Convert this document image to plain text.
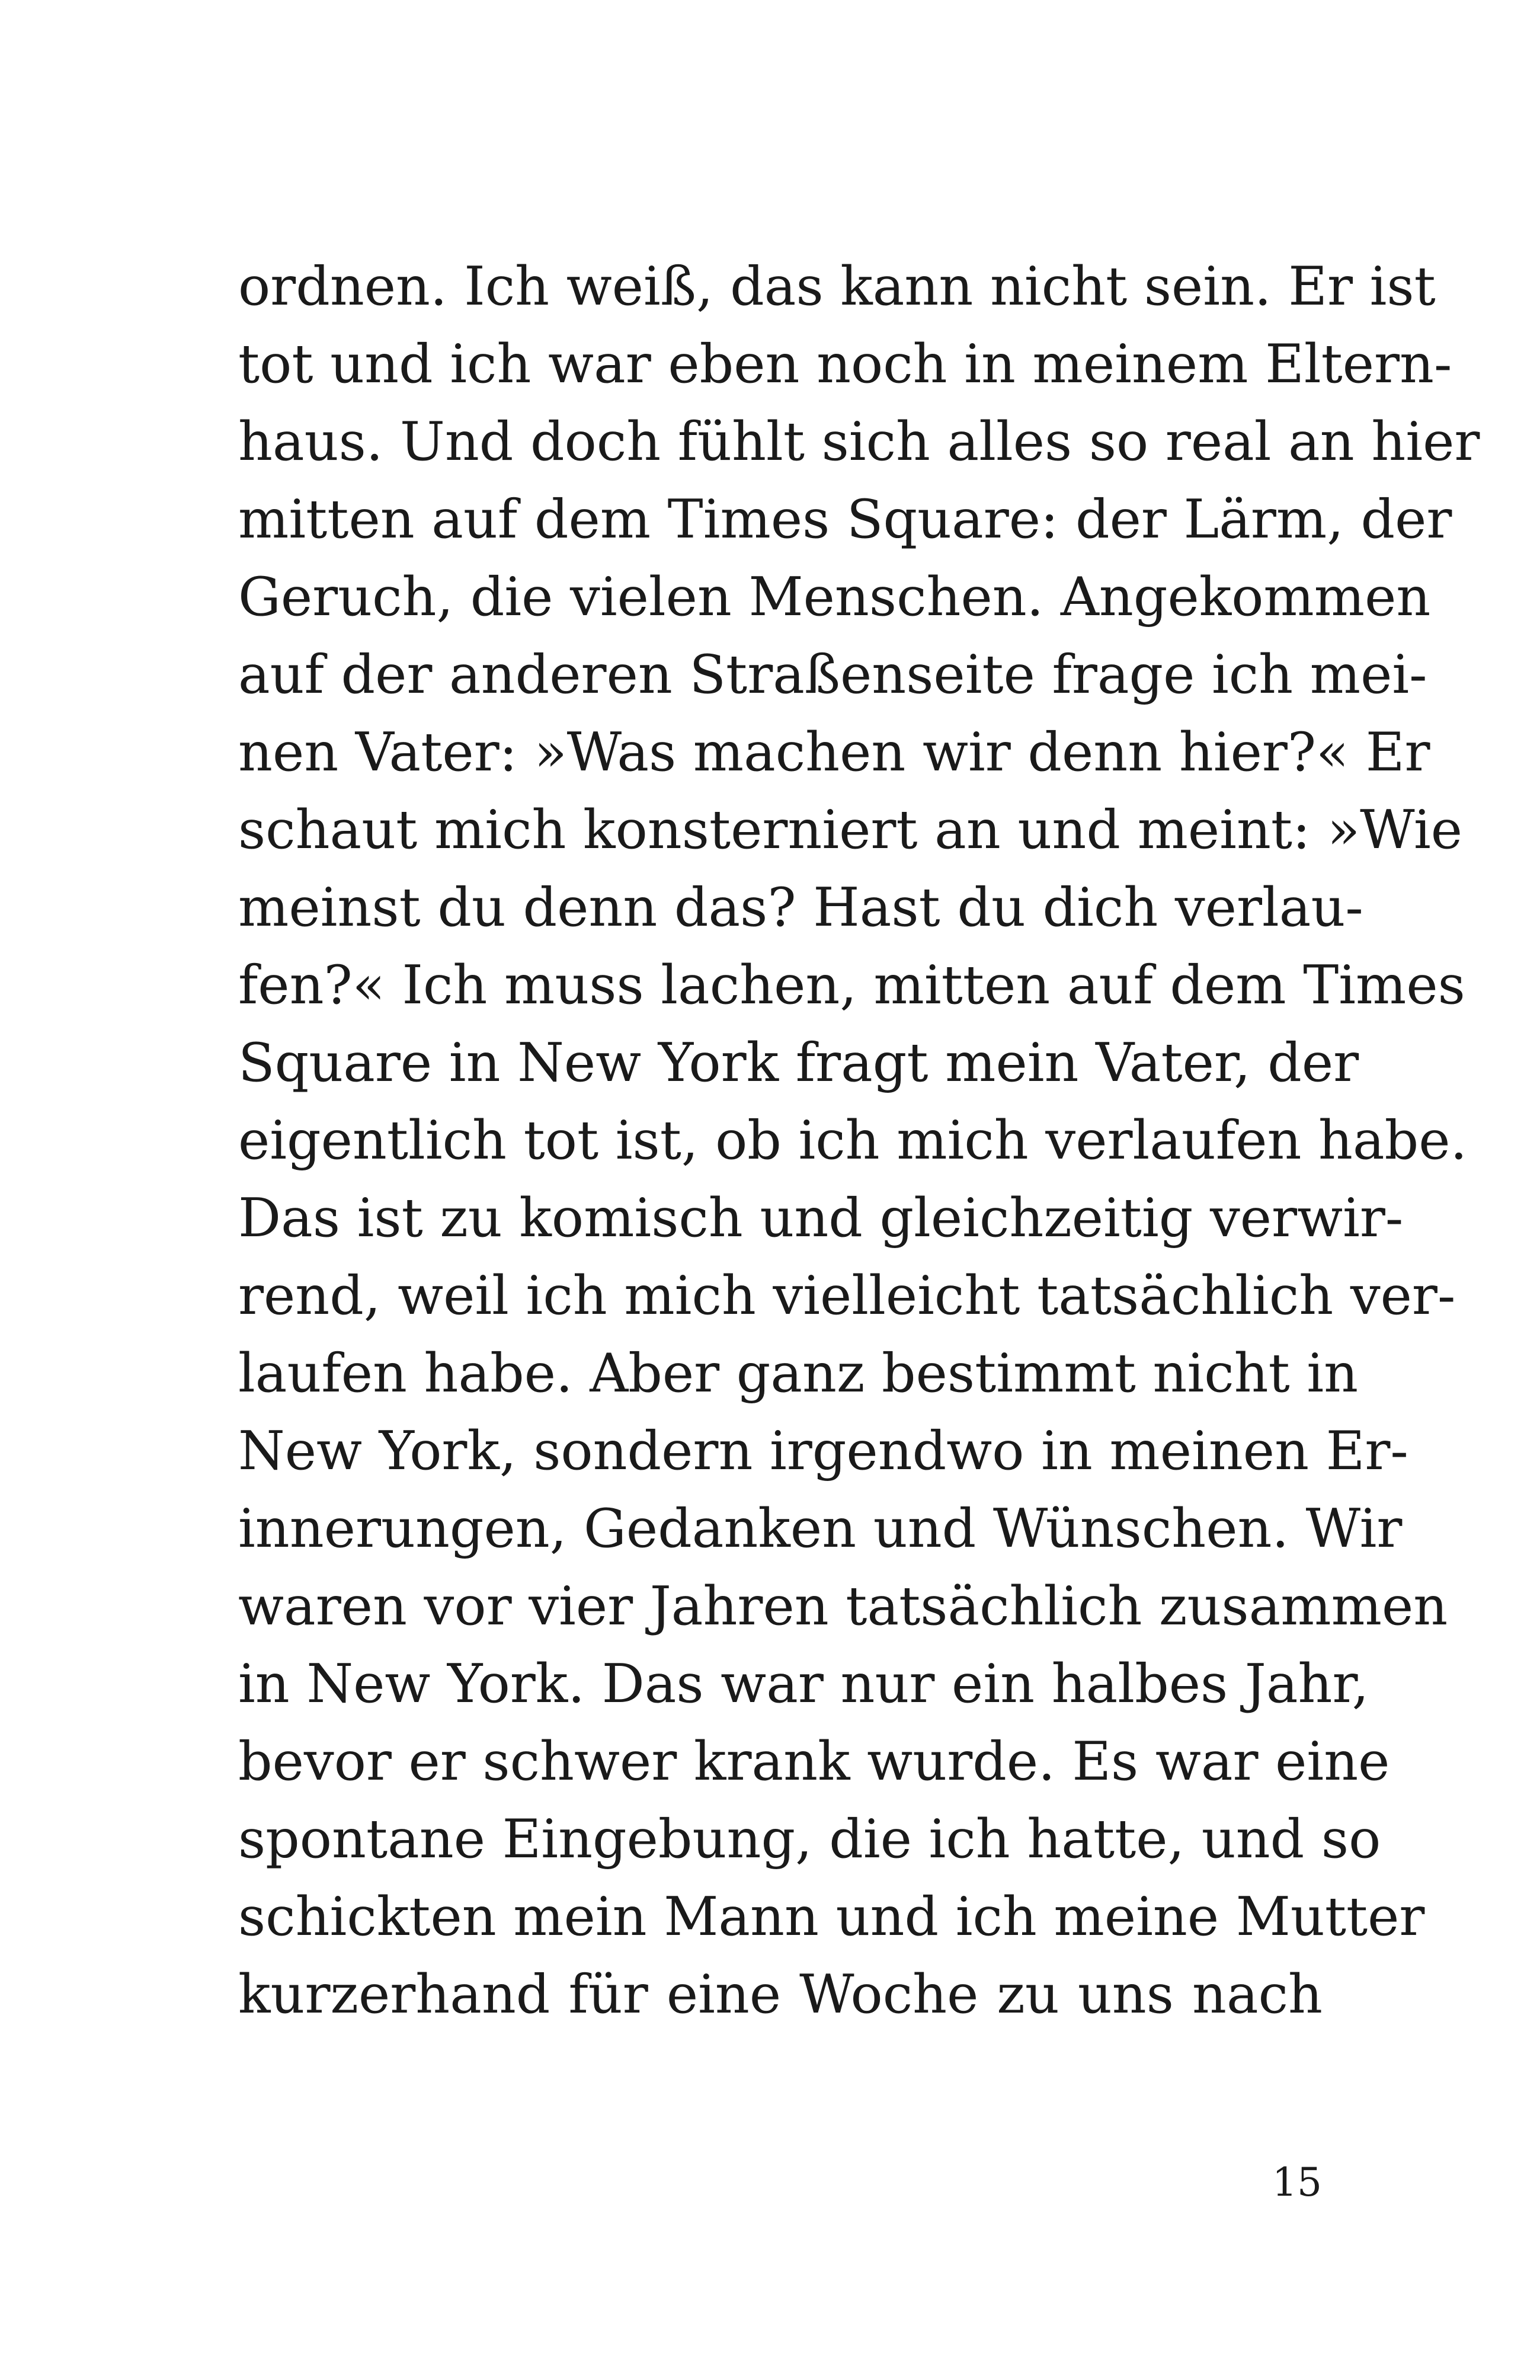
ordnen. Ich weiß, das kann nicht sein. Er ist
tot und ich war eben noch in meinem Eltern-
haus. Und doch fühlt sich alles so real an hier
mitten auf dem Times Square: der Lärm, der
Geruch, die vielen Menschen. Angekommen
auf der anderen Straßenseite frage ich mei-
nen Vater: »Was machen wir denn hier?« Er
schaut mich konsterniert an und meint: »Wie
meinst du denn das? Hast du dich verlau-
fen?« Ich muss lachen, mitten auf dem Times
Square in New York fragt mein Vater, der
eigentlich tot ist, ob ich mich verlaufen habe.
Das ist zu komisch und gleichzeitig verwir-
rend, weil ich mich vielleicht tatsächlich ver-
laufen habe. Aber ganz bestimmt nicht in
New York, sondern irgendwo in meinen Er-
innerungen, Gedanken und Wünschen. Wir
waren vor vier Jahren tatsächlich zusammen
in New York. Das war nur ein halbes Jahr,
bevor er schwer krank wurde. Es war eine
spontane Eingebung, die ich hatte, und so
schickten mein Mann und ich meine Mutter
kurzerhand für eine Woche zu uns nach
15
